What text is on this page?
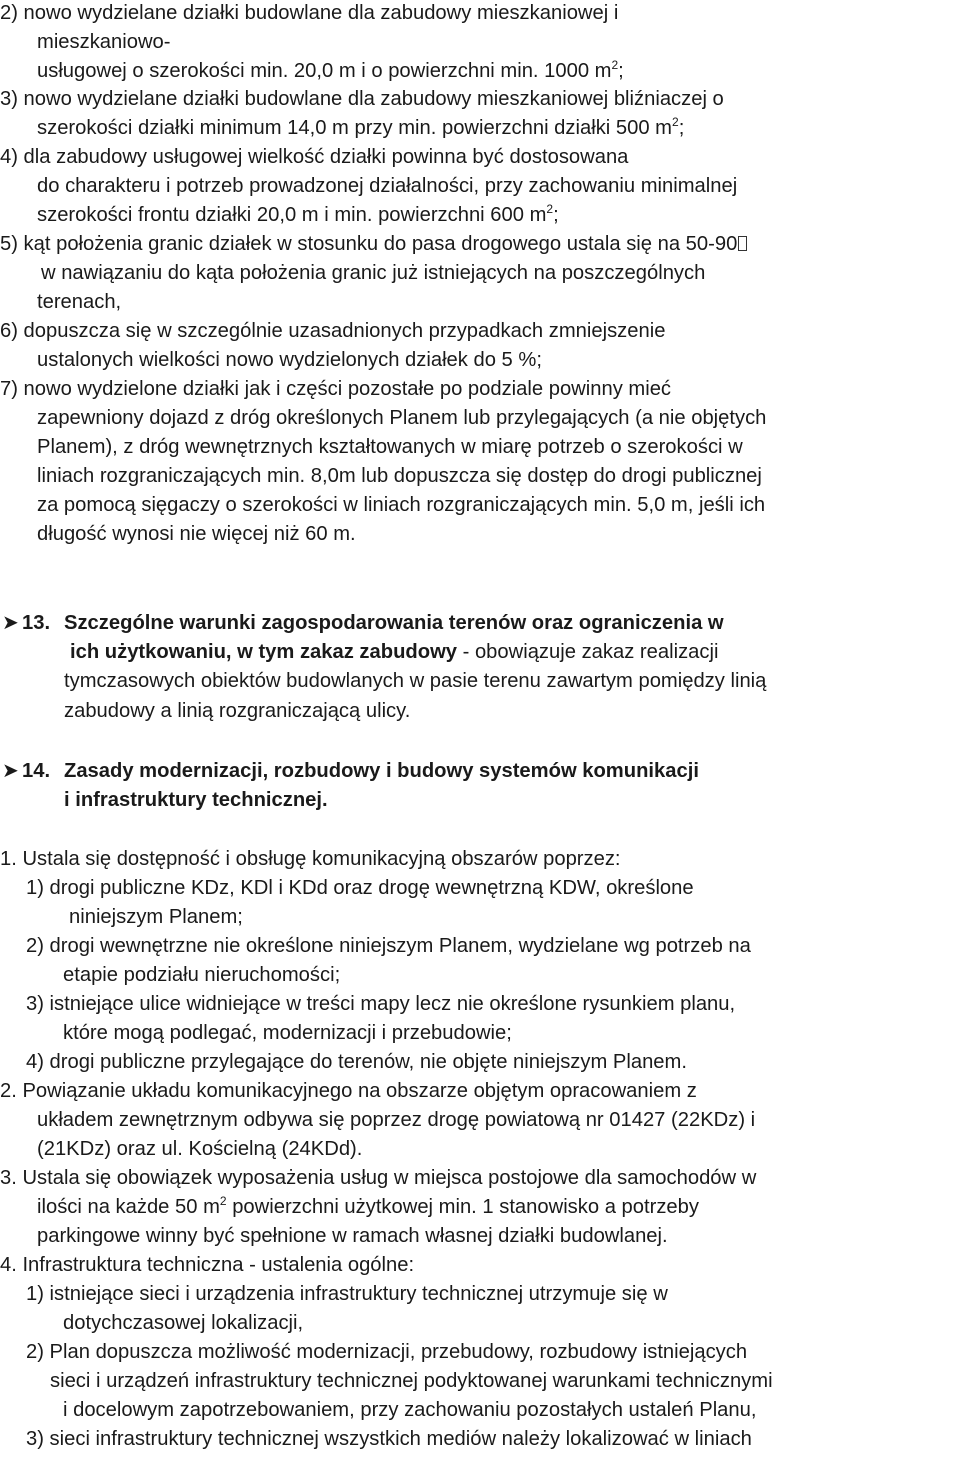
2) nowo wydzielane działki budowlane dla zabudowy mieszkaniowej i
mieszkaniowo-
usługowej o szerokości min. 20,0 m i o powierzchni min. 1000 $m^2$;
3) nowo wydzielane działki budowlane dla zabudowy mieszkaniowej bliźniaczej o
szerokości działki minimum 14,0 m przy min. powierzchni działki 500 $m^2$;
4) dla zabudowy usługowej wielkość działki powinna być dostosowana
do charakteru i potrzeb prowadzonej działalności, przy zachowaniu minimalnej
szerokości frontu działki 20,0 m i min. powierzchni 600 $m^2$;
5) kąt położenia granic działek w stosunku do pasa drogowego ustala się na 50-90
w nawiązaniu do kąta położenia granic już istniejących na poszczególnych
terenach,
6) dopuszcza się w szczególnie uzasadnionych przypadkach zmniejszenie
ustalonych wielkości nowo wydzielonych działek do 5 %;
7) nowo wydzielone działki jak i części pozostałe po podziale powinny mieć
zapewniony dojazd z dróg określonych Planem lub przylegających (a nie objętych
Planem), z dróg wewnętrznych kształtowanych w miarę potrzeb o szerokości w
liniach rozgraniczających min. 8,0m lub dopuszcza się dostęp do drogi publicznej
za pomocą sięgaczy o szerokości w liniach rozgraniczających min. 5,0 m, jeśli ich
długość wynosi nie więcej niż 60 m.
➤ 13. Szczególne warunki zagospodarowania terenów oraz ograniczenia w
ich użytkowaniu, w tym zakaz zabudowy - obowiązuje zakaz realizacji
tymczasowych obiektów budowlanych w pasie terenu zawartym pomiędzy linią
zabudowy a linią rozgraniczającą ulicy.
➤ 14. Zasady modernizacji, rozbudowy i budowy systemów komunikacji
i infrastruktury technicznej.
1. Ustala się dostępność i obsługę komunikacyjną obszarów poprzez:
1) drogi publiczne KDz, KDl i KDd oraz drogę wewnętrzną KDW, określone
niniejszym Planem;
2) drogi wewnętrzne nie określone niniejszym Planem, wydzielane wg potrzeb na
etapie podziału nieruchomości;
3) istniejące ulice widniejące w treści mapy lecz nie określone rysunkiem planu,
które mogą podlegać, modernizacji i przebudowie;
4) drogi publiczne przylegające do terenów, nie objęte niniejszym Planem.
2. Powiązanie układu komunikacyjnego na obszarze objętym opracowaniem z
układem zewnętrznym odbywa się poprzez drogę powiatową nr 01427 (22KDz) i
(21KDz) oraz ul. Kościelną (24KDd).
3. Ustala się obowiązek wyposażenia usług w miejsca postojowe dla samochodów w
ilości na każde 50 $m^2$ powierzchni użytkowej min. 1 stanowisko a potrzeby
parkingowe winny być spełnione w ramach własnej działki budowlanej.
4. Infrastruktura techniczna - ustalenia ogólne:
1) istniejące sieci i urządzenia infrastruktury technicznej utrzymuje się w
dotychczasowej lokalizacji,
2) Plan dopuszcza możliwość modernizacji, przebudowy, rozbudowy istniejących
sieci i urządzeń infrastruktury technicznej podyktowanej warunkami technicznymi
i docelowym zapotrzebowaniem, przy zachowaniu pozostałych ustaleń Planu,
3) sieci infrastruktury technicznej wszystkich mediów należy lokalizować w liniach
